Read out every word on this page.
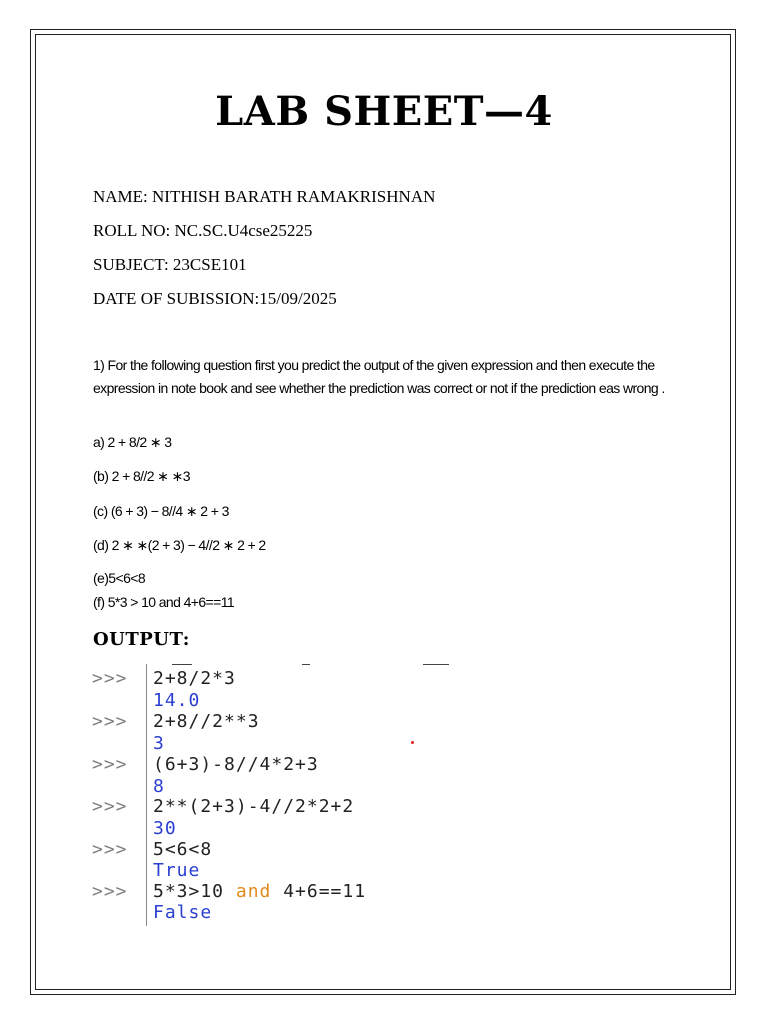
LAB SHEET—4
NAME: NITHISH BARATH RAMAKRISHNAN
ROLL NO: NC.SC.U4cse25225
SUBJECT: 23CSE101
DATE OF SUBISSION:15/09/2025
1) For the following question first you predict the output of the given expression and then execute the expression in note book and see whether the prediction was correct or not if the prediction eas wrong .
a) 2 + 8/2 ∗ 3
(b) 2 + 8//2 ∗ ∗3
(c) (6 + 3) − 8//4 ∗ 2 + 3
(d) 2 ∗ ∗(2 + 3) − 4//2 ∗ 2 + 2
(e)5<6<8
(f) 5*3 > 10 and 4+6==11
OUTPUT:
>>> 2+8/2*3
14.0
>>> 2+8//2**3
3
>>> (6+3)-8//4*2+3
8
>>> 2**(2+3)-4//2*2+2
30
>>> 5<6<8
True
>>> 5*3>10 and 4+6==11
False
